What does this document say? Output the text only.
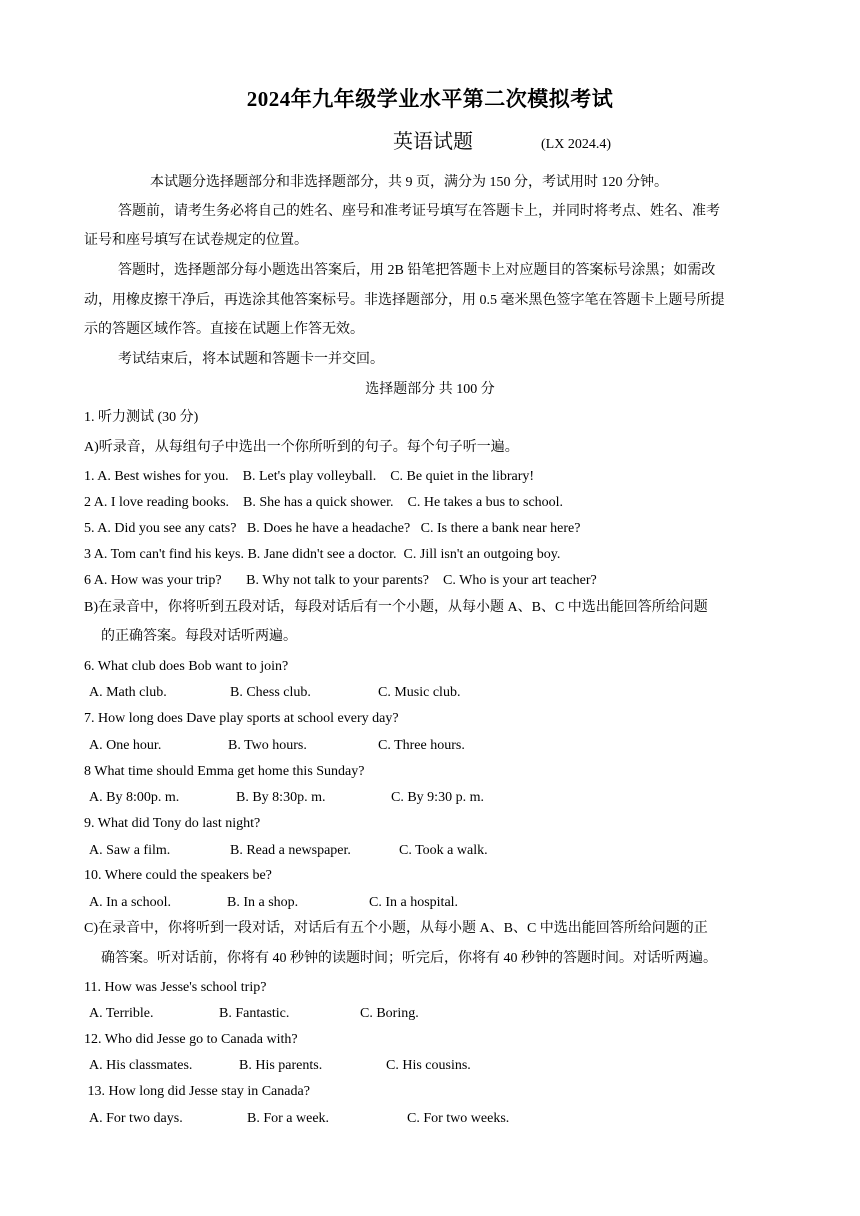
2024年九年级学业水平第二次模拟考试
英语试题	(LX 2024.4)
本试题分选择题部分和非选择题部分，共 9 页，满分为 150 分，考试用时 120 分钟。
答题前，请考生务必将自己的姓名、座号和准考证号填写在答题卡上，并同时将考点、姓名、准考
证号和座号填写在试卷规定的位置。
答题时，选择题部分每小题选出答案后，用 2B 铅笔把答题卡上对应题目的答案标号涂黑；如需改
动，用橡皮擦干净后，再选涂其他答案标号。非选择题部分，用 0.5 毫米黑色签字笔在答题卡上题号所提
示的答题区域作答。直接在试题上作答无效。
考试结束后，将本试题和答题卡一并交回。
选择题部分 共 100 分
1. 听力测试 (30 分)
A)听录音，从每组句子中选出一个你所听到的句子。每个句子听一遍。
1. A. Best wishes for you.    B. Let's play volleyball.    C. Be quiet in the library!
2 A. I love reading books.    B. She has a quick shower.    C. He takes a bus to school.
5. A. Did you see any cats?   B. Does he have a headache?   C. Is there a bank near here?
3 A. Tom can't find his keys. B. Jane didn't see a doctor.  C. Jill isn't an outgoing boy.
6 A. How was your trip?       B. Why not talk to your parents?    C. Who is your art teacher?
B)在录音中，你将听到五段对话，每段对话后有一个小题，从每小题 A、B、C 中选出能回答所给问题
的正确答案。每段对话听两遍。
6. What club does Bob want to join?
A. Math club.	B. Chess club.	C. Music club.
7. How long does Dave play sports at school every day?
A. One hour.	B. Two hours.	C. Three hours.
8 What time should Emma get home this Sunday?
A. By 8:00p. m.	B. By 8:30p. m.	C. By 9:30 p. m.
9. What did Tony do last night?
A. Saw a film.	B. Read a newspaper.	C. Took a walk.
10. Where could the speakers be?
A. In a school.	B. In a shop.	C. In a hospital.
C)在录音中，你将听到一段对话，对话后有五个小题，从每小题 A、B、C 中选出能回答所给问题的正
确答案。听对话前，你将有 40 秒钟的读题时间；听完后，你将有 40 秒钟的答题时间。对话听两遍。
11. How was Jesse's school trip?
A. Terrible.	B. Fantastic.	C. Boring.
12. Who did Jesse go to Canada with?
A. His classmates.	B. His parents.	C. His cousins.
13. How long did Jesse stay in Canada?
A. For two days.	B. For a week.	C. For two weeks.
